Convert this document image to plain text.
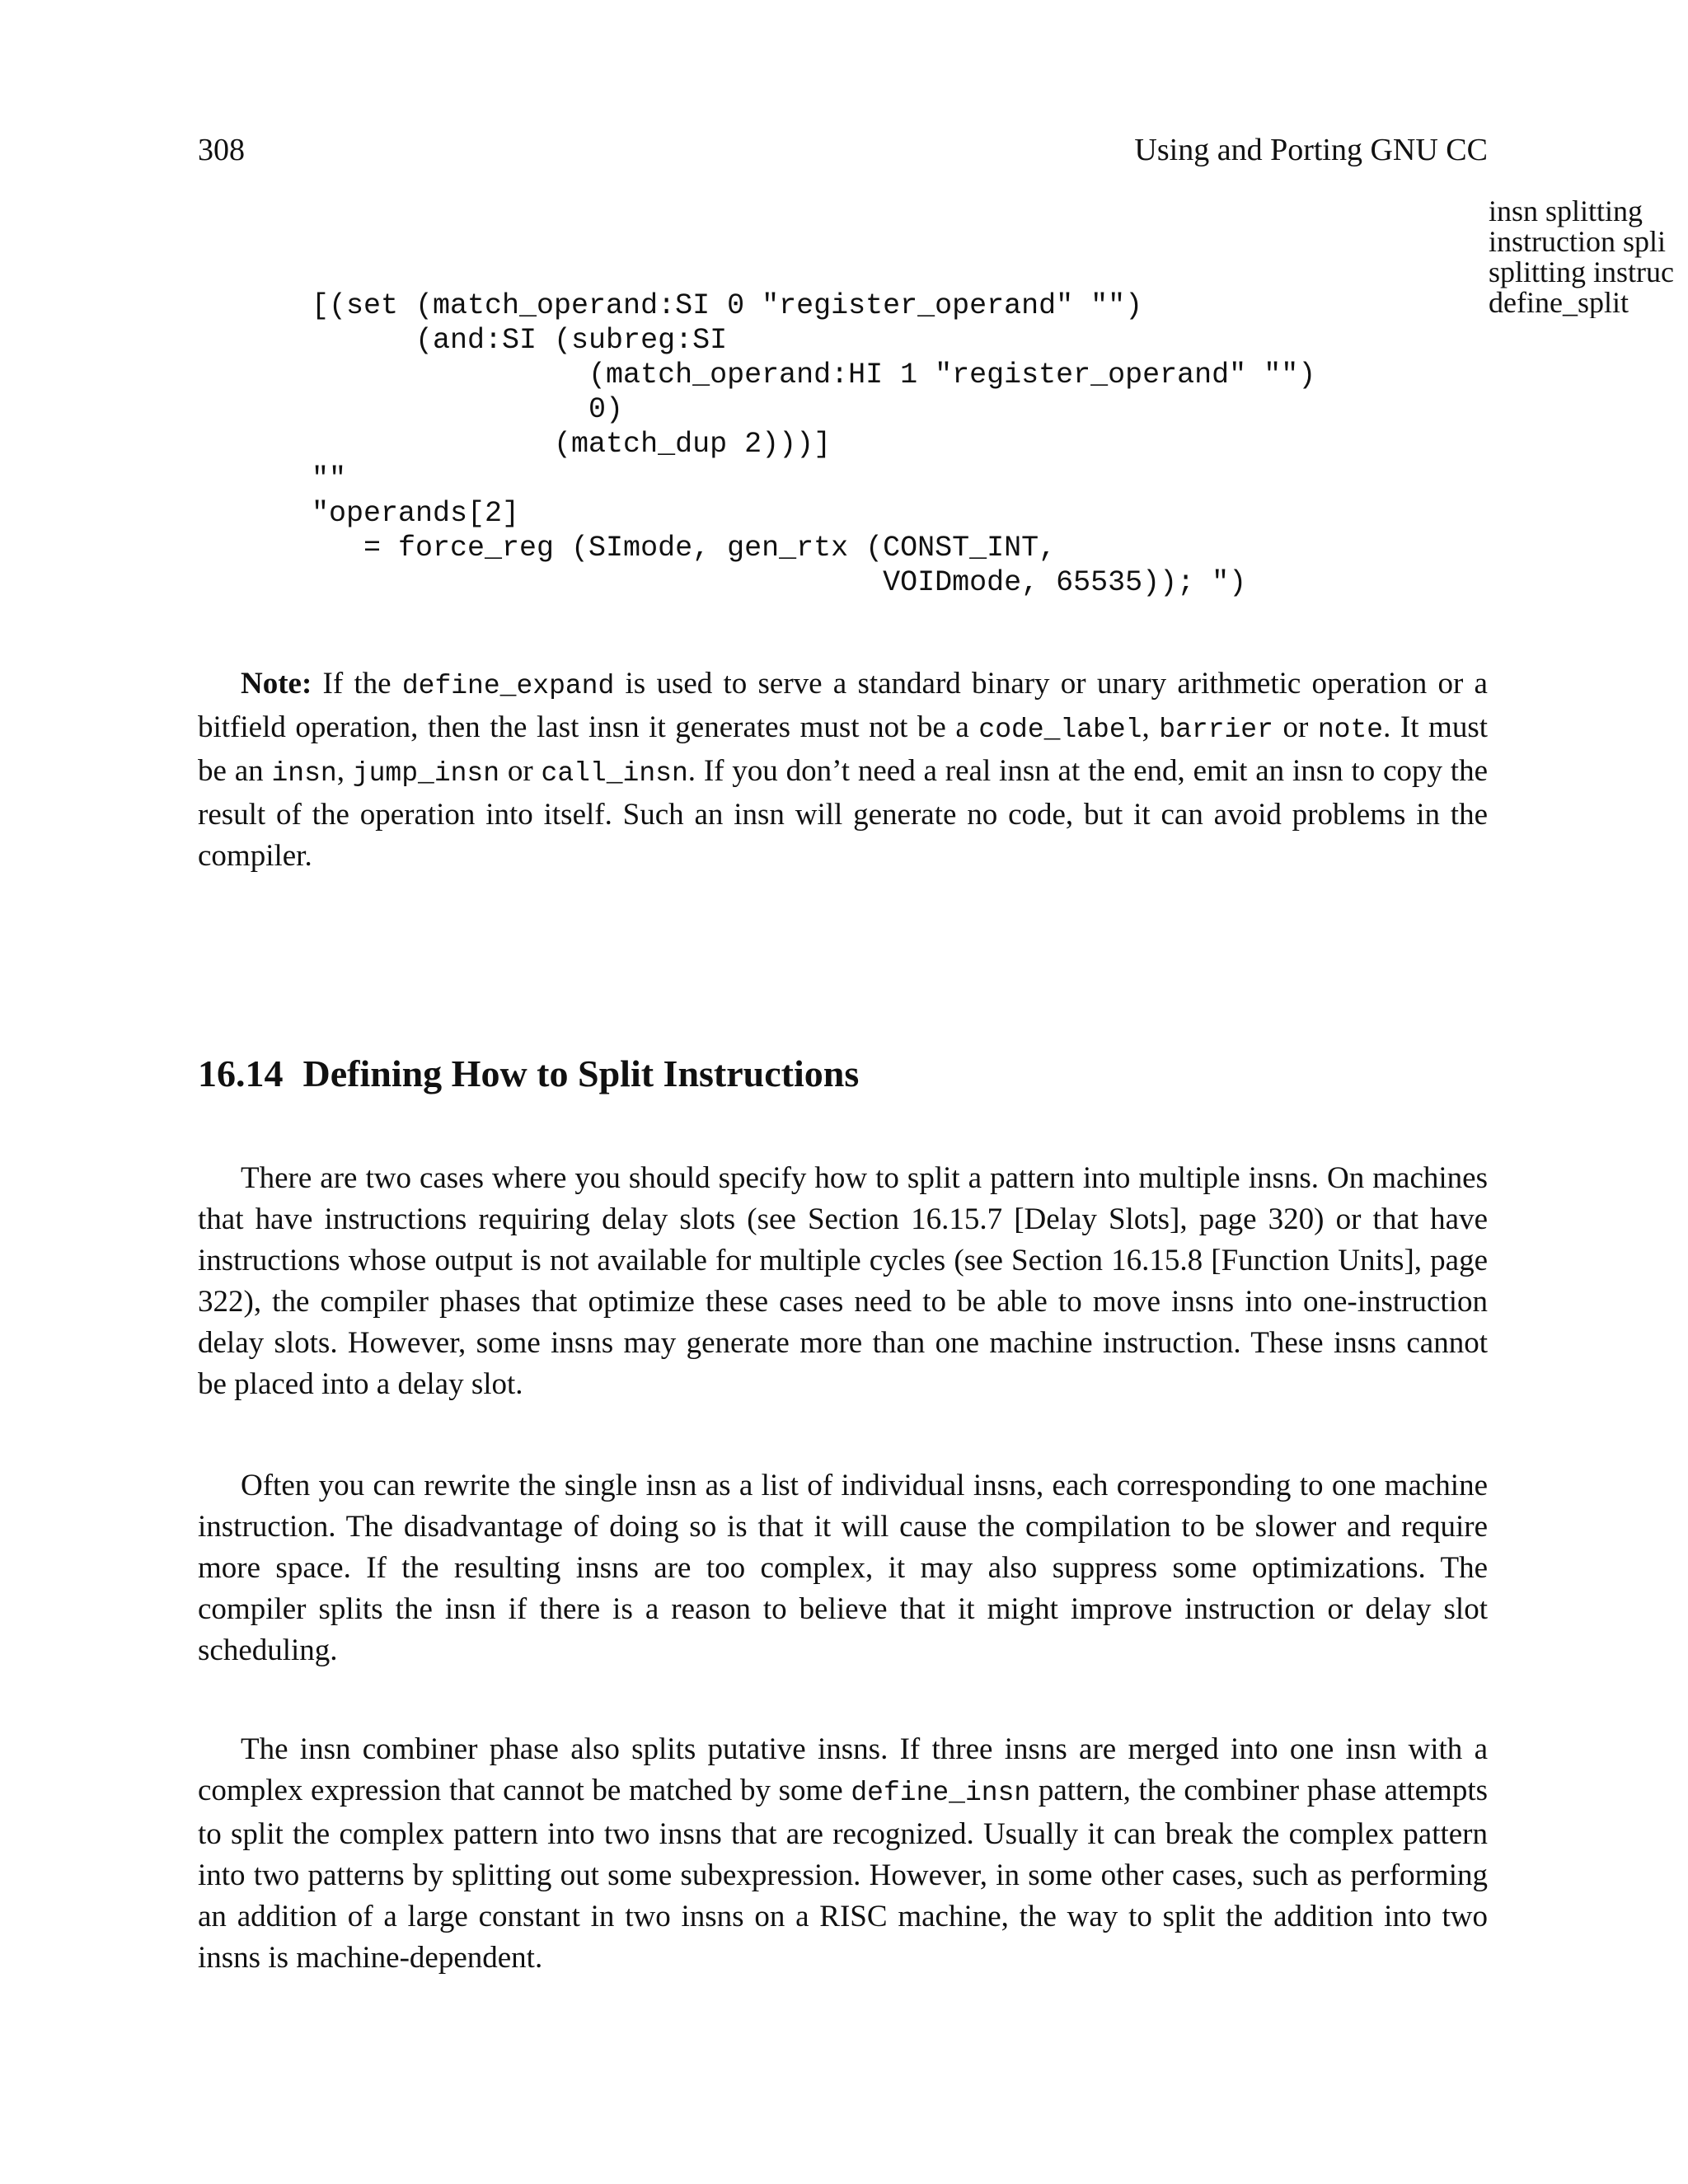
308	Using and Porting GNU CC
insn splitting
instruction spli
splitting instruc
define_split
[(set (match_operand:SI 0 "register_operand" "")
(and:SI (subreg:SI
(match_operand:HI 1 "register_operand" "")
0)
(match_dup 2)))]
""
"operands[2]
= force_reg (SImode, gen_rtx (CONST_INT,
VOIDmode, 65535)); ")

Note: If the define_expand is used to serve a standard binary or unary arithmetic operation or a bitfield operation, then the last insn it generates must not be a code_label, barrier or note. It must be an insn, jump_insn or call_insn. If you don’t need a real insn at the end, emit an insn to copy the result of the operation into itself. Such an insn will generate no code, but it can avoid problems in the compiler.

16.14 Defining How to Split Instructions

There are two cases where you should specify how to split a pattern into multiple insns. On machines that have instructions requiring delay slots (see Section 16.15.7 [Delay Slots], page 320) or that have instructions whose output is not available for multiple cycles (see Section 16.15.8 [Function Units], page 322), the compiler phases that optimize these cases need to be able to move insns into one-instruction delay slots. However, some insns may generate more than one machine instruction. These insns cannot be placed into a delay slot.

Often you can rewrite the single insn as a list of individual insns, each corresponding to one machine instruction. The disadvantage of doing so is that it will cause the compilation to be slower and require more space. If the resulting insns are too complex, it may also suppress some optimizations. The compiler splits the insn if there is a reason to believe that it might improve instruction or delay slot scheduling.

The insn combiner phase also splits putative insns. If three insns are merged into one insn with a complex expression that cannot be matched by some define_insn pattern, the combiner phase attempts to split the complex pattern into two insns that are recognized. Usually it can break the complex pattern into two patterns by splitting out some subexpression. However, in some other cases, such as performing an addition of a large constant in two insns on a RISC machine, the way to split the addition into two insns is machine-dependent.
